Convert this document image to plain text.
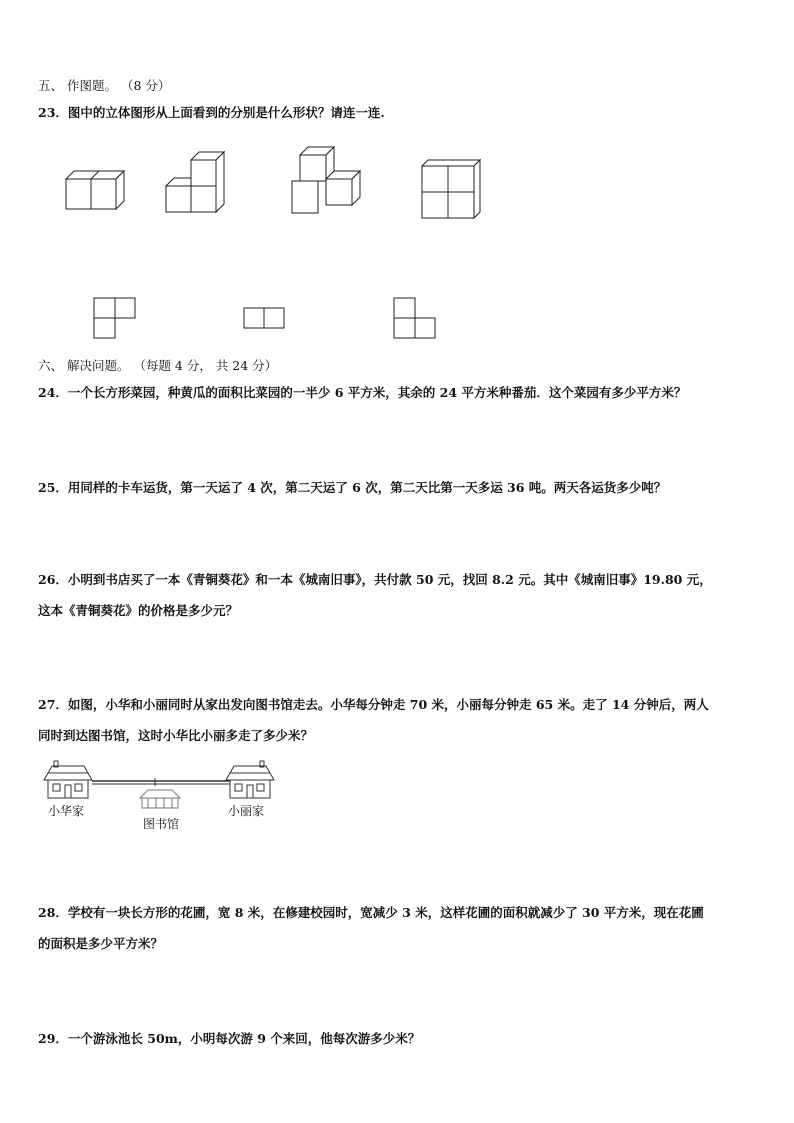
五、 作图题。 （8 分）
23．图中的立体图形从上面看到的分别是什么形状？请连一连.
六、 解决问题。 （每题 4 分， 共 24 分）
24．一个长方形菜园，种黄瓜的面积比菜园的一半少 6 平方米，其余的 24 平方米种番茄．这个菜园有多少平方米？
25．用同样的卡车运货，第一天运了 4 次，第二天运了 6 次，第二天比第一天多运 36 吨。两天各运货多少吨？
26．小明到书店买了一本《青铜葵花》和一本《城南旧事》，共付款 50 元，找回 8.2 元。其中《城南旧事》19.80 元，
这本《青铜葵花》的价格是多少元？
27．如图，小华和小丽同时从家出发向图书馆走去。小华每分钟走 70 米，小丽每分钟走 65 米。走了 14 分钟后，两人
同时到达图书馆，这时小华比小丽多走了多少米？
小华家
图书馆
小丽家
28．学校有一块长方形的花圃，宽 8 米，在修建校园时，宽减少 3 米，这样花圃的面积就减少了 30 平方米，现在花圃
的面积是多少平方米？
29．一个游泳池长 50m，小明每次游 9 个来回，他每次游多少米？
